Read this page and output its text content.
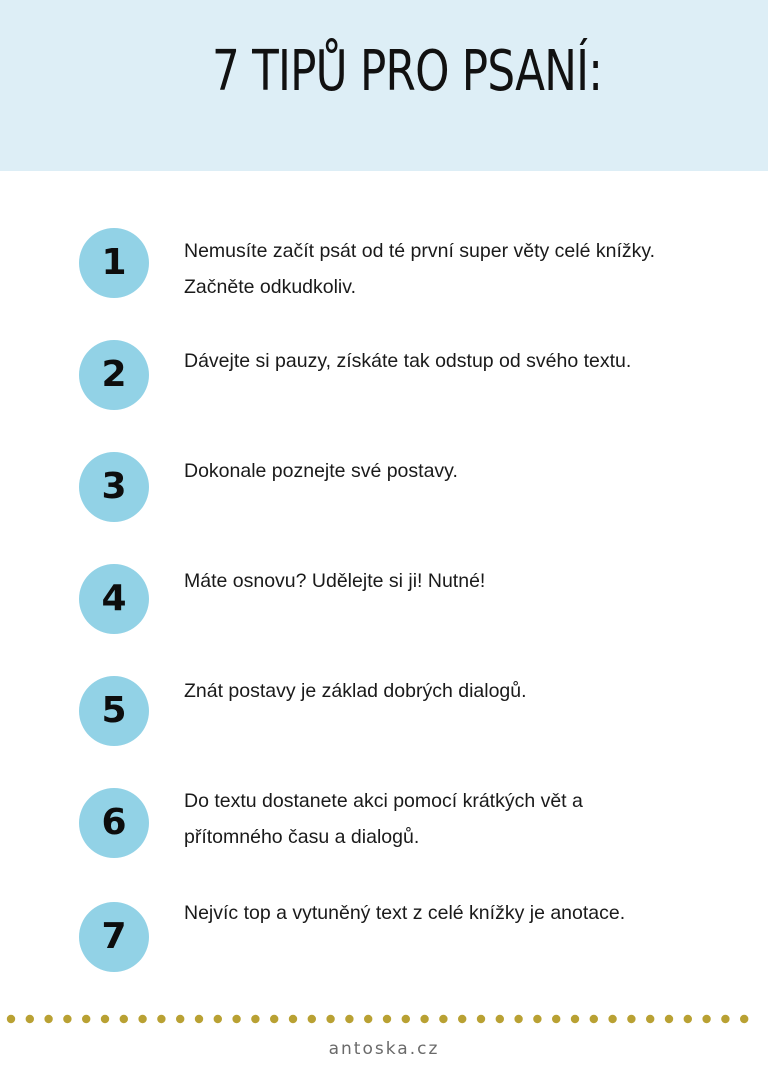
7 TIPŮ PRO PSANÍ:
1	Nemusíte začít psát od té první super věty celé knížky. Začněte odkudkoliv.

2	Dávejte si pauzy, získáte tak odstup od svého textu.

3	Dokonale poznejte své postavy.

4	Máte osnovu? Udělejte si ji! Nutné!

5	Znát postavy je základ dobrých dialogů.

6

Do textu dostanete akci pomocí krátkých vět a přítomného času a dialogů.

7

Nejvíc top a vytuněný text z celé knížky je anotace.

antoska.cz
